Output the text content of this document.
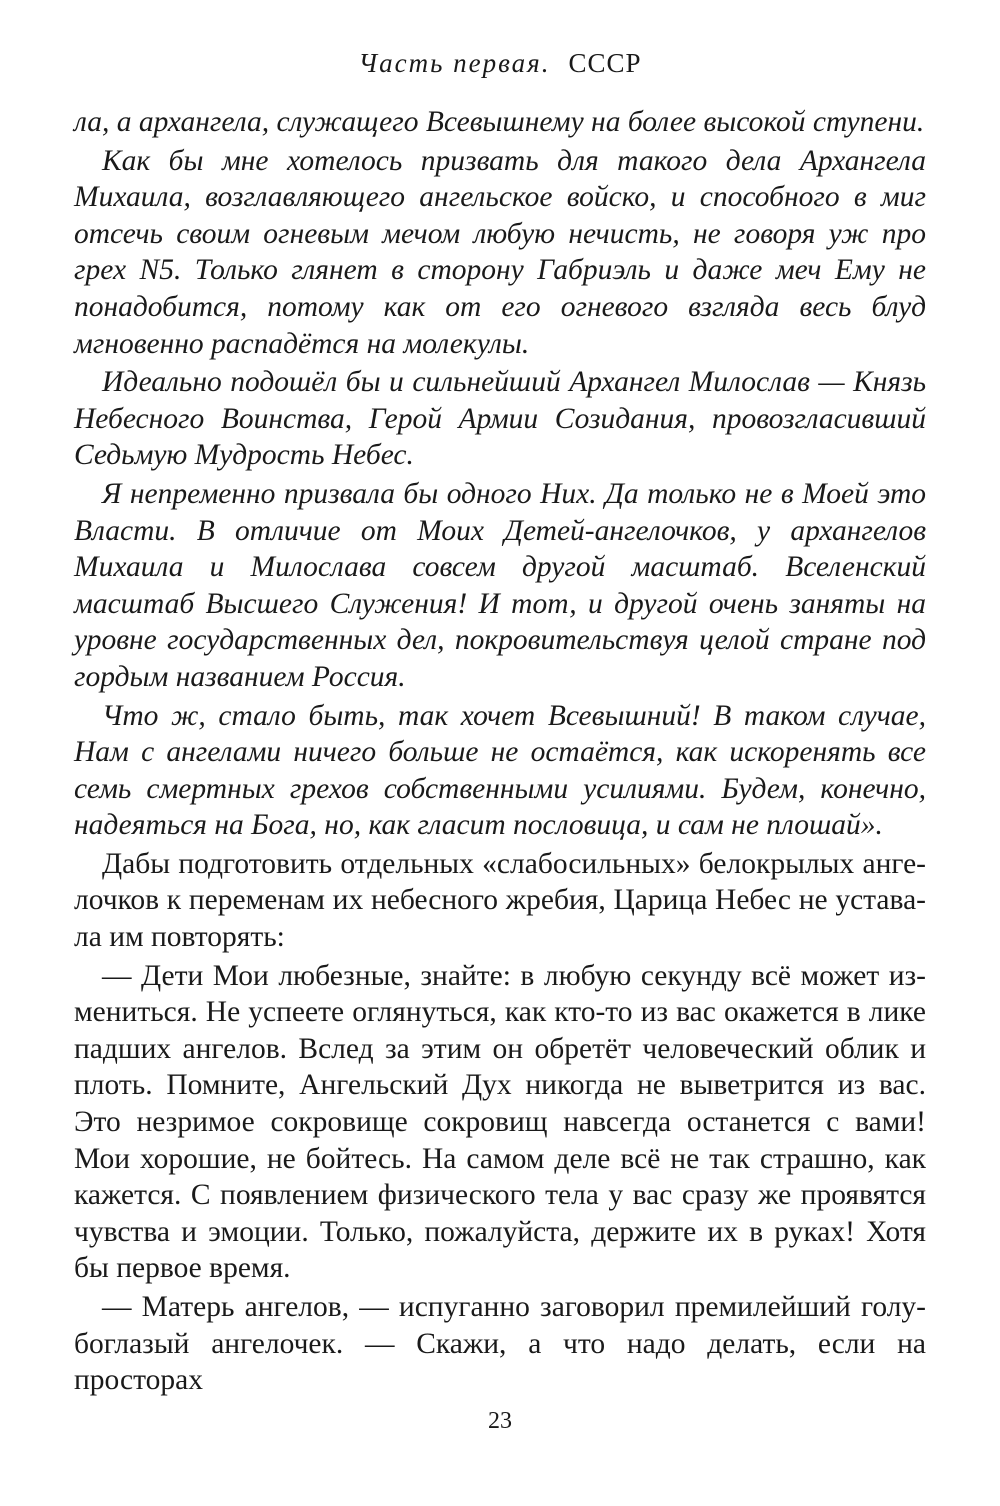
Часть первая. СССР

ла, а архангела, служащего Всевышнему на более высокой ступени.

Как бы мне хотелось призвать для такого дела Архангела Михаила, возглавляющего ангельское войско, и способного в миг отсечь своим огневым мечом любую нечисть, не говоря уж про грех N5. Только глянет в сторону Габриэль и даже меч Ему не понадобится, потому как от его огневого взгляда весь блуд мгновенно распадётся на молекулы.

Идеально подошёл бы и сильнейший Архангел Милослав — Князь Небесного Воинства, Герой Армии Созидания, провозгласивший Седьмую Мудрость Небес.

Я непременно призвала бы одного Них. Да только не в Моей это Власти. В отличие от Моих Детей-ангелочков, у архангелов Михаила и Милослава совсем другой масштаб. Вселенский масштаб Высшего Служения! И тот, и другой очень заняты на уровне государственных дел, покровительствуя целой стране под гордым названием Россия.

Что ж, стало быть, так хочет Всевышний! В таком случае, Нам с ангелами ничего больше не остаётся, как искоренять все семь смертных грехов собственными усилиями. Будем, конечно, надеяться на Бога, но, как гласит пословица, и сам не плошай».

Дабы подготовить отдельных «слабосильных» белокрылых ангелочков к переменам их небесного жребия, Царица Небес не уставала им повторять:

— Дети Мои любезные, знайте: в любую секунду всё может измениться. Не успеете оглянуться, как кто-то из вас окажется в лике падших ангелов. Вслед за этим он обретёт человеческий облик и плоть. Помните, Ангельский Дух никогда не выветрится из вас. Это незримое сокровище сокровищ навсегда останется с вами! Мои хорошие, не бойтесь. На самом деле всё не так страшно, как кажется. С появлением физического тела у вас сразу же проявятся чувства и эмоции. Только, пожалуйста, держите их в руках! Хотя бы первое время.

— Матерь ангелов, — испуганно заговорил премилейший голубоглазый ангелочек. — Скажи, а что надо делать, если на просторах

23
